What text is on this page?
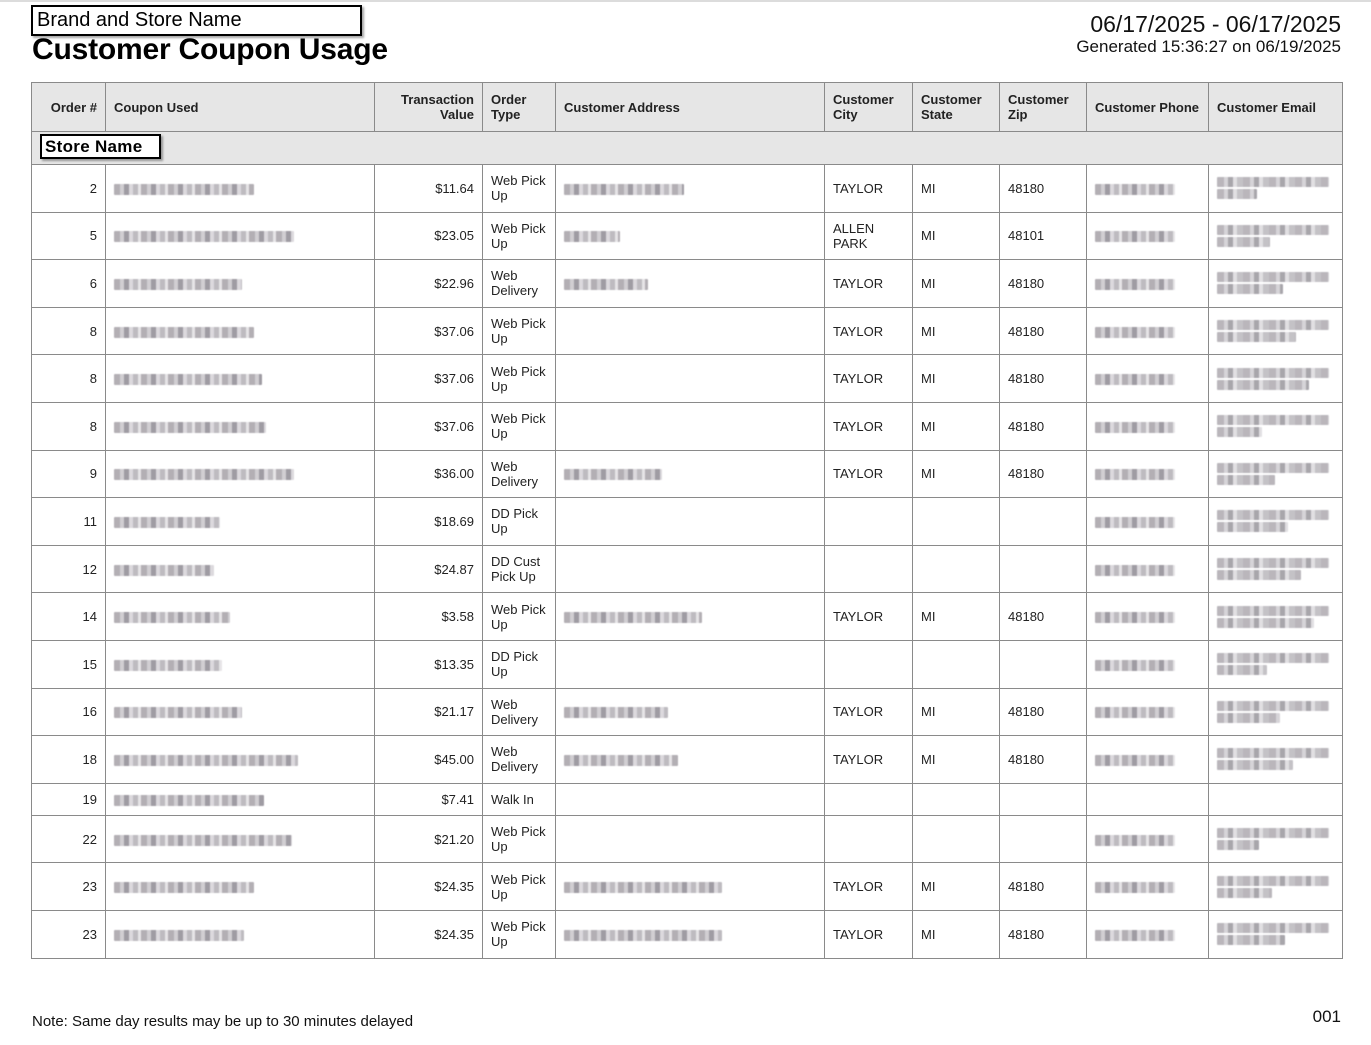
Brand and Store Name
Customer Coupon Usage
06/17/2025 - 06/17/2025
Generated 15:36:27 on 06/19/2025
Order #	Coupon Used	Transaction Value	Order Type	Customer Address	Customer City	Customer State	Customer Zip	Customer Phone	Customer Email

Store Name									

2		$11.64	Web Pick Up		TAYLOR	MI	48180		

5		$23.05	Web Pick Up		ALLEN PARK	MI	48101		

6		$22.96	Web Delivery		TAYLOR	MI	48180		

8		$37.06	Web Pick Up		TAYLOR	MI	48180		

8		$37.06	Web Pick Up		TAYLOR	MI	48180		

8		$37.06	Web Pick Up		TAYLOR	MI	48180		

9		$36.00	Web Delivery		TAYLOR	MI	48180		

11		$18.69	DD Pick Up						

12		$24.87	DD Cust Pick Up						

14		$3.58	Web Pick Up		TAYLOR	MI	48180		

15		$13.35	DD Pick Up						

16		$21.17	Web Delivery		TAYLOR	MI	48180		

18		$45.00	Web Delivery		TAYLOR	MI	48180		

19		$7.41	Walk In						
22		$21.20	Web Pick Up						

23		$24.35	Web Pick Up		TAYLOR	MI	48180		

23		$24.35	Web Pick Up		TAYLOR	MI	48180		
Note: Same day results may be up to 30 minutes delayed	001
